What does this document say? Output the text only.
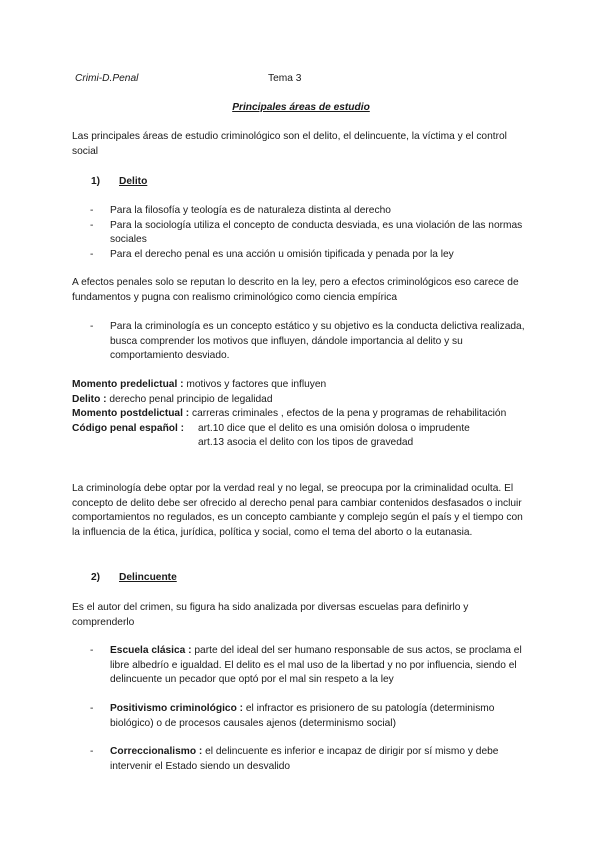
Crimi-D.Penal	Tema 3
Principales áreas de estudio
Las principales áreas de estudio criminológico son el delito, el delincuente, la víctima y el control social
1) Delito
- Para la filosofía y teología es de naturaleza distinta al derecho
- Para la sociología utiliza el concepto de conducta desviada, es una violación de las normas sociales
- Para el derecho penal es una acción u omisión tipificada y penada por la ley
A efectos penales solo se reputan lo descrito en la ley, pero a efectos criminológicos eso carece de fundamentos y pugna con realismo criminológico como ciencia empírica
- Para la criminología es un concepto estático y su objetivo es la conducta delictiva realizada, busca comprender los motivos que influyen, dándole importancia al delito y su comportamiento desviado.
Momento predelictual : motivos y factores que influyen
Delito : derecho penal principio de legalidad
Momento postdelictual : carreras criminales , efectos de la pena y programas de rehabilitación
Código penal español :	art.10 dice que el delito es una omisión dolosa o imprudente
art.13 asocia el delito con los tipos de gravedad
La criminología debe optar por la verdad real y no legal, se preocupa por la criminalidad oculta. El concepto de delito debe ser ofrecido al derecho penal para cambiar contenidos desfasados o incluir comportamientos no regulados, es un concepto cambiante y complejo según el país y el tiempo con la influencia de la ética, jurídica, política y social, como el tema del aborto o la eutanasia.
2) Delincuente
Es el autor del crimen, su figura ha sido analizada por diversas escuelas para definirlo y comprenderlo
- Escuela clásica : parte del ideal del ser humano responsable de sus actos, se proclama el libre albedrío e igualdad. El delito es el mal uso de la libertad y no por influencia, siendo el delincuente un pecador que optó por el mal sin respeto a la ley
- Positivismo criminológico : el infractor es prisionero de su patología (determinismo biológico) o de procesos causales ajenos (determinismo social)
- Correccionalismo : el delincuente es inferior e incapaz de dirigir por sí mismo y debe intervenir el Estado siendo un desvalido
